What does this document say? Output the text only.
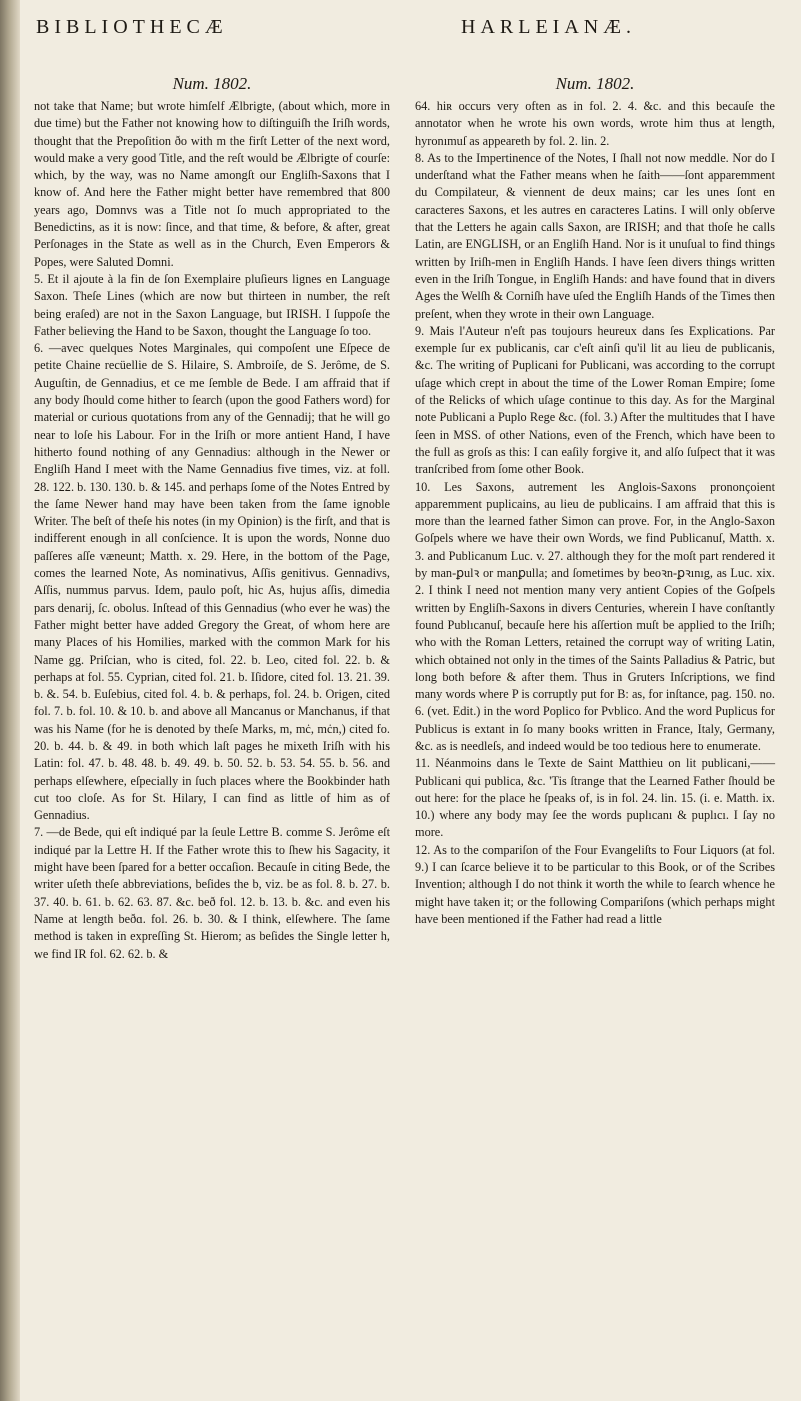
BIBLIOTHECÆ	HARLEIANÆ.
Num. 1802.

not take that Name; but wrote himſelf Ælbrigte, (about which, more in due time) but the Father not knowing how to diſtinguiſh the Iriſh words, thought that the Prepoſition ðo with m the firſt Letter of the next word, would make a very good Title, and the reſt would be Ælbrigte of courſe: which, by the way, was no Name amongſt our Engliſh-Saxons that I know of. And here the Father might better have remembred that 800 years ago, Domnvs was a Title not ſo much appropriated to the Benedictins, as it is now: ſince, and that time, & before, & after, great Perſonages in the State as well as in the Church, Even Emperors & Popes, were Saluted Domni.

5. Et il ajoute à la fin de ſon Exemplaire pluſieurs lignes en Language Saxon. Theſe Lines (which are now but thirteen in number, the reſt being eraſed) are not in the Saxon Language, but IRISH. I ſuppoſe the Father believing the Hand to be Saxon, thought the Language ſo too.

6. —avec quelques Notes Marginales, qui compoſent une Eſpece de petite Chaine recüellie de S. Hilaire, S. Ambroiſe, de S. Jerôme, de S. Auguſtin, de Gennadius, et ce me ſemble de Bede. I am affraid that if any body ſhould come hither to ſearch (upon the good Fathers word) for material or curious quotations from any of the Gennadij; that he will go near to loſe his Labour. For in the Iriſh or more antient Hand, I have hitherto found nothing of any Gennadius: although in the Newer or Engliſh Hand I meet with the Name Gennadius five times, viz. at foll. 28. 122. b. 130. 130. b. & 145. and perhaps ſome of the Notes Entred by the ſame Newer hand may have been taken from the ſame ignoble Writer. The beſt of theſe his notes (in my Opinion) is the firſt, and that is indifferent enough in all conſcience. It is upon the words, Nonne duo paſſeres aſſe væneunt; Matth. x. 29. Here, in the bottom of the Page, comes the learned Note, As nominativus, Aſſis genitivus. Gennadivs, Aſſis, nummus parvus. Idem, paulo poſt, hic As, hujus aſſis, dimedia pars denarij, ſc. obolus. Inſtead of this Gennadius (who ever he was) the Father might better have added Gregory the Great, of whom here are many Places of his Homilies, marked with the common Mark for his Name gg. Priſcian, who is cited, fol. 22. b. Leo, cited fol. 22. b. & perhaps at fol. 55. Cyprian, cited fol. 21. b. Iſidore, cited fol. 13. 21. 39. b. &. 54. b. Euſebius, cited fol. 4. b. & perhaps, fol. 24. b. Origen, cited fol. 7. b. fol. 10. & 10. b. and above all Mancanus or Manchanus, if that was his Name (for he is denoted by theſe Marks, m, mċ, mċn,) cited fo. 20. b. 44. b. & 49. in both which laſt pages he mixeth Iriſh with his Latin: fol. 47. b. 48. 48. b. 49. 49. b. 50. 52. b. 53. 54. 55. b. 56. and perhaps elſewhere, eſpecially in ſuch places where the Bookbinder hath cut too cloſe. As for St. Hilary, I can find as little of him as of Gennadius.

7. —de Bede, qui eſt indiqué par la ſeule Lettre B. comme S. Jerôme eſt indiqué par la Lettre H. If the Father wrote this to ſhew his Sagacity, it might have been ſpared for a better occaſion. Becauſe in citing Bede, the writer uſeth theſe abbreviations, beſides the b, viz. be as fol. 8. b. 27. b. 37. 40. b. 61. b. 62. 63. 87. &c. beð fol. 12. b. 13. b. &c. and even his Name at length beðɑ. fol. 26. b. 30. & I think, elſewhere. The ſame method is taken in expreſſing St. Hierom; as beſides the Single letter h, we find IR fol. 62. 62. b. &

Num. 1802.

64. hiʀ occurs very often as in fol. 2. 4. &c. and this becauſe the annotator when he wrote his own words, wrote him thus at length, hyronımuſ as appeareth by fol. 2. lin. 2.

8. As to the Impertinence of the Notes, I ſhall not now meddle. Nor do I underſtand what the Father means when he ſaith——ſont apparemment du Compilateur, & viennent de deux mains; car les unes ſont en caracteres Saxons, et les autres en caracteres Latins. I will only obſerve that the Letters he again calls Saxon, are IRISH; and that thoſe he calls Latin, are ENGLISH, or an Engliſh Hand. Nor is it unuſual to find things written by Iriſh-men in Engliſh Hands. I have ſeen divers things written even in the Iriſh Tongue, in Engliſh Hands: and have found that in divers Ages the Welſh & Corniſh have uſed the Engliſh Hands of the Times then preſent, when they wrote in their own Language.

9. Mais l'Auteur n'eſt pas toujours heureux dans ſes Explications. Par exemple ſur ex publicanis, car c'eſt ainſi qu'il lit au lieu de publicanis, &c. The writing of Puplicani for Publicani, was according to the corrupt uſage which crept in about the time of the Lower Roman Empire; ſome of the Relicks of which uſage continue to this day. As for the Marginal note Publicani a Puplo Rege &c. (fol. 3.) After the multitudes that I have ſeen in MSS. of other Nations, even of the French, which have been to the full as groſs as this: I can eaſily forgive it, and alſo ſuſpect that it was tranſcribed from ſome other Book.

10. Les Saxons, autrement les Anglois-Saxons prononçoient apparemment puplicains, au lieu de publicains. I am affraid that this is more than the learned father Simon can prove. For, in the Anglo-Saxon Goſpels where we have their own Words, we find Publicanuſ, Matth. x. 3. and Publicanum Luc. v. 27. although they for the moſt part rendered it by man-ꝑulꝛ or manꝑulla; and ſometimes by beoꝛn-ꝑꝛınıg, as Luc. xix. 2. I think I need not mention many very antient Copies of the Goſpels written by Engliſh-Saxons in divers Centuries, wherein I have conſtantly found Publıcanuſ, becauſe here his aſſertion muſt be applied to the Iriſh; who with the Roman Letters, retained the corrupt way of writing Latin, which obtained not only in the times of the Saints Palladius & Patric, but long both before & after them. Thus in Gruters Inſcriptions, we find many words where P is corruptly put for B: as, for inſtance, pag. 150. no. 6. (vet. Edit.) in the word Poplico for Pvblico. And the word Puplicus for Publicus is extant in ſo many books written in France, Italy, Germany, &c. as is needleſs, and indeed would be too tedious here to enumerate.

11. Néanmoins dans le Texte de Saint Matthieu on lit publicani,—— Publicani qui publica, &c. 'Tis ſtrange that the Learned Father ſhould be out here: for the place he ſpeaks of, is in fol. 24. lin. 15. (i. e. Matth. ix. 10.) where any body may ſee the words puplıcanı & puplıcı. I ſay no more.

12. As to the compariſon of the Four Evangeliſts to Four Liquors (at fol. 9.) I can ſcarce believe it to be particular to this Book, or of the Scribes Invention; although I do not think it worth the while to ſearch whence he might have taken it; or the following Compariſons (which perhaps might have been mentioned if the Father had read a little
